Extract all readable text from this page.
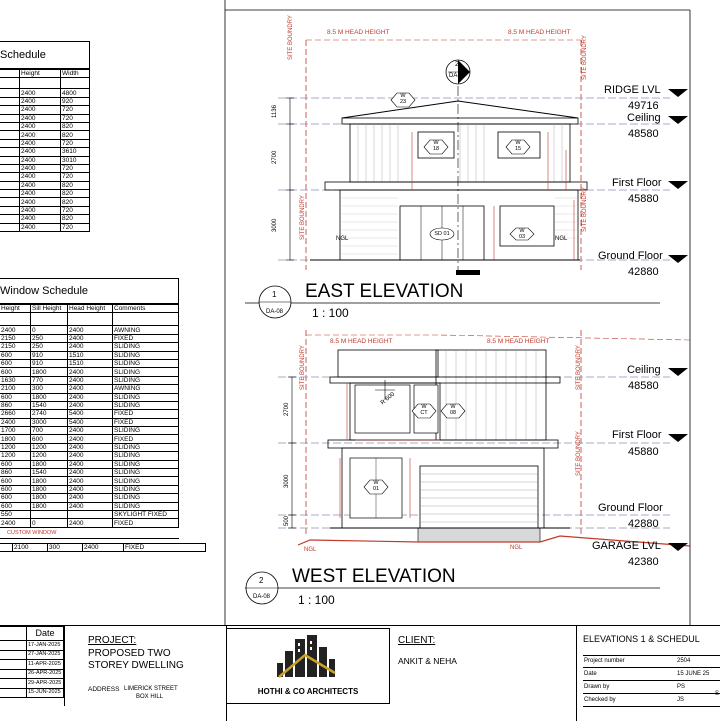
Schedule
	Height	Width

	2400	4800
	2400	920
	2400	720
	2400	720
	2400	820
	2400	820
	2400	720
	2400	3610
	2400	3010
	2400	720
	2400	720
	2400	820
	2400	820
	2400	820
	2400	720
	2400	820
	2400	720
Window Schedule
Height	Sill Height	Head Height	Comments

2400	0	2400	AWNING
2150	250	2400	FIXED
2150	250	2400	SLIDING
600	910	1510	SLIDING
600	910	1510	SLIDING
600	1800	2400	SLIDING
1630	770	2400	SLIDING
2100	300	2400	AWNING
600	1800	2400	SLIDING
860	1540	2400	SLIDING
2660	2740	5400	FIXED
2400	3000	5400	FIXED
1700	700	2400	SLIDING
1800	600	2400	FIXED
1200	1200	2400	SLIDING
1200	1200	2400	SLIDING
600	1800	2400	SLIDING
860	1540	2400	SLIDING
600	1800	2400	SLIDING
600	1800	2400	SLIDING
600	1800	2400	SLIDING
600	1800	2400	SLIDING
550			SKYLIGHT FIXED
2400	0	2400	FIXED
CUSTOM WINDOW
	2100	300	2400	FIXED
8.5 M HEAD HEIGHT	8.5 M HEAD HEIGHT
SITE BOUNDRY
SITE BOUNDRY
SITE BOUNDRY
SITE BOUNDRY
2
DA-10
1136
2700
3000
W
23
W
18
W
15
SD 01	W
03
NGL	NGL
RIDGE LVL
49716
Ceiling
48580
First Floor
45880
Ground Floor
42880
1
DA-08
EAST ELEVATION
1 : 100
8.5 M HEAD HEIGHT	8.5 M HEAD HEIGHT
SITE BOUNDRY	SITE BOUNDRY
SITE BOUNDRY
2700
3000
500
R 600
W
CT
W
08
W
01
NGL	NGL
Ceiling
48580
First Floor
45880
Ground Floor
42880
GARAGE LVL
42380
2
DA-08
WEST ELEVATION
1 : 100
	Date
	17-JAN-2025
	27-JAN-2025
	11-APR-2025
	26-APR-2025
	29-APR-2025
	15-JUN-2025
PROJECT:
PROPOSED TWO
STOREY DWELLING
ADDRESS LIMERICK STREET
BOX HILL
HOTHI & CO ARCHITECTS
CLIENT:
ANKIT & NEHA
ELEVATIONS 1 & SCHEDUL
Project number	2504
Date	15 JUNE 25
Drawn by	PS
Checked by	JS
S
